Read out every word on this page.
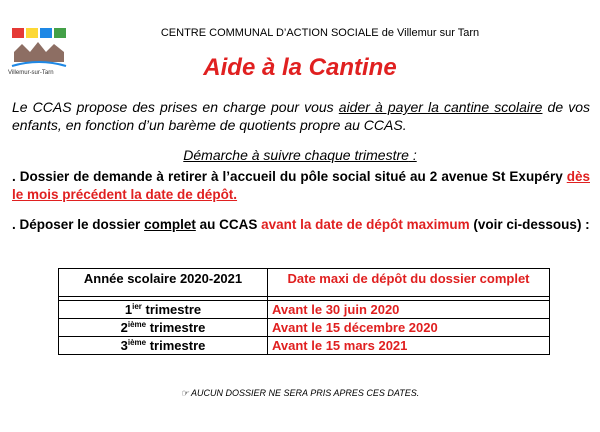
Villemur-sur-Tarn
CENTRE COMMUNAL D’ACTION SOCIALE de Villemur sur Tarn
Aide à la Cantine
Le CCAS propose des prises en charge pour vous aider à payer la cantine scolaire de vos enfants, en fonction d’un barème de quotients propre au CCAS.
Démarche à suivre chaque trimestre :
. Dossier de demande à retirer à l’accueil du pôle social situé au 2 avenue St Exupéry dès le mois précédent la date de dépôt.
. Déposer le dossier complet au CCAS avant la date de dépôt maximum (voir ci-dessous) :
Année scolaire 2020-2021	Date maxi de dépôt du dossier complet

$1^{ier}$ trimestre	Avant le 30 juin 2020
2ième trimestre	Avant le 15 décembre 2020
3ième trimestre	Avant le 15 mars 2021
☞ AUCUN DOSSIER NE SERA PRIS APRES CES DATES.
